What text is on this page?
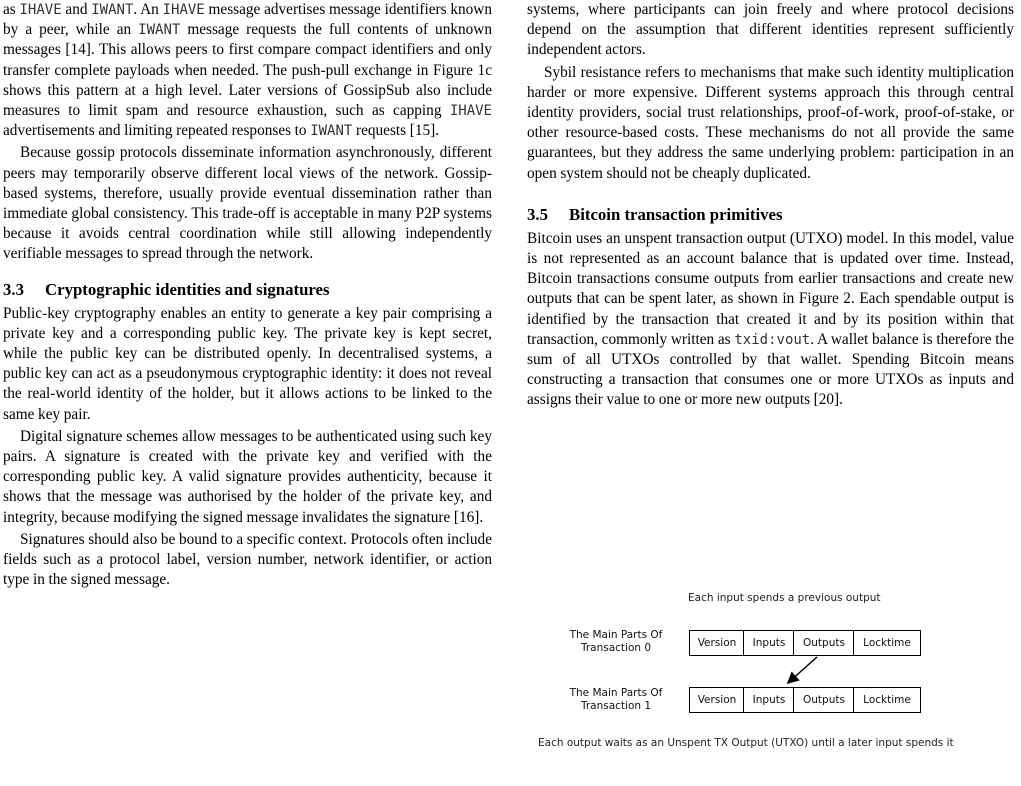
as IHAVE and IWANT. An IHAVE message advertises message identifiers known by a peer, while an IWANT message requests the full contents of unknown messages [14]. This allows peers to first compare compact identifiers and only transfer complete payloads when needed. The push-pull exchange in Figure 1c shows this pattern at a high level. Later versions of GossipSub also include measures to limit spam and resource exhaustion, such as capping IHAVE advertisements and limiting repeated responses to IWANT requests [15].

Because gossip protocols disseminate information asynchronously, different peers may temporarily observe different local views of the network. Gossip-based systems, therefore, usually provide eventual dissemination rather than immediate global consistency. This trade-off is acceptable in many P2P systems because it avoids central coordination while still allowing independently verifiable messages to spread through the network.

3.3 Cryptographic identities and signatures

Public-key cryptography enables an entity to generate a key pair comprising a private key and a corresponding public key. The private key is kept secret, while the public key can be distributed openly. In decentralised systems, a public key can act as a pseudonymous cryptographic identity: it does not reveal the real-world identity of the holder, but it allows actions to be linked to the same key pair.

Digital signature schemes allow messages to be authenticated using such key pairs. A signature is created with the private key and verified with the corresponding public key. A valid signature provides authenticity, because it shows that the message was authorised by the holder of the private key, and integrity, because modifying the signed message invalidates the signature [16].

Signatures should also be bound to a specific context. Protocols often include fields such as a protocol label, version number, network identifier, or action type in the signed message.

systems, where participants can join freely and where protocol decisions depend on the assumption that different identities represent sufficiently independent actors.

Sybil resistance refers to mechanisms that make such identity multiplication harder or more expensive. Different systems approach this through central identity providers, social trust relationships, proof-of-work, proof-of-stake, or other resource-based costs. These mechanisms do not all provide the same guarantees, but they address the same underlying problem: participation in an open system should not be cheaply duplicated.

3.5 Bitcoin transaction primitives

Bitcoin uses an unspent transaction output (UTXO) model. In this model, value is not represented as an account balance that is updated over time. Instead, Bitcoin transactions consume outputs from earlier transactions and create new outputs that can be spent later, as shown in Figure 2. Each spendable output is identified by the transaction that created it and by its position within that transaction, commonly written as txid:vout. A wallet balance is therefore the sum of all UTXOs controlled by that wallet. Spending Bitcoin means constructing a transaction that consumes one or more UTXOs as inputs and assigns their value to one or more new outputs [20].

Each input spends a previous output
The Main Parts Of
Transaction 0	Version	Inputs	Outputs	Locktime
The Main Parts Of
Transaction 1	Version	Inputs	Outputs	Locktime
Each output waits as an Unspent TX Output (UTXO) until a later input spends it
